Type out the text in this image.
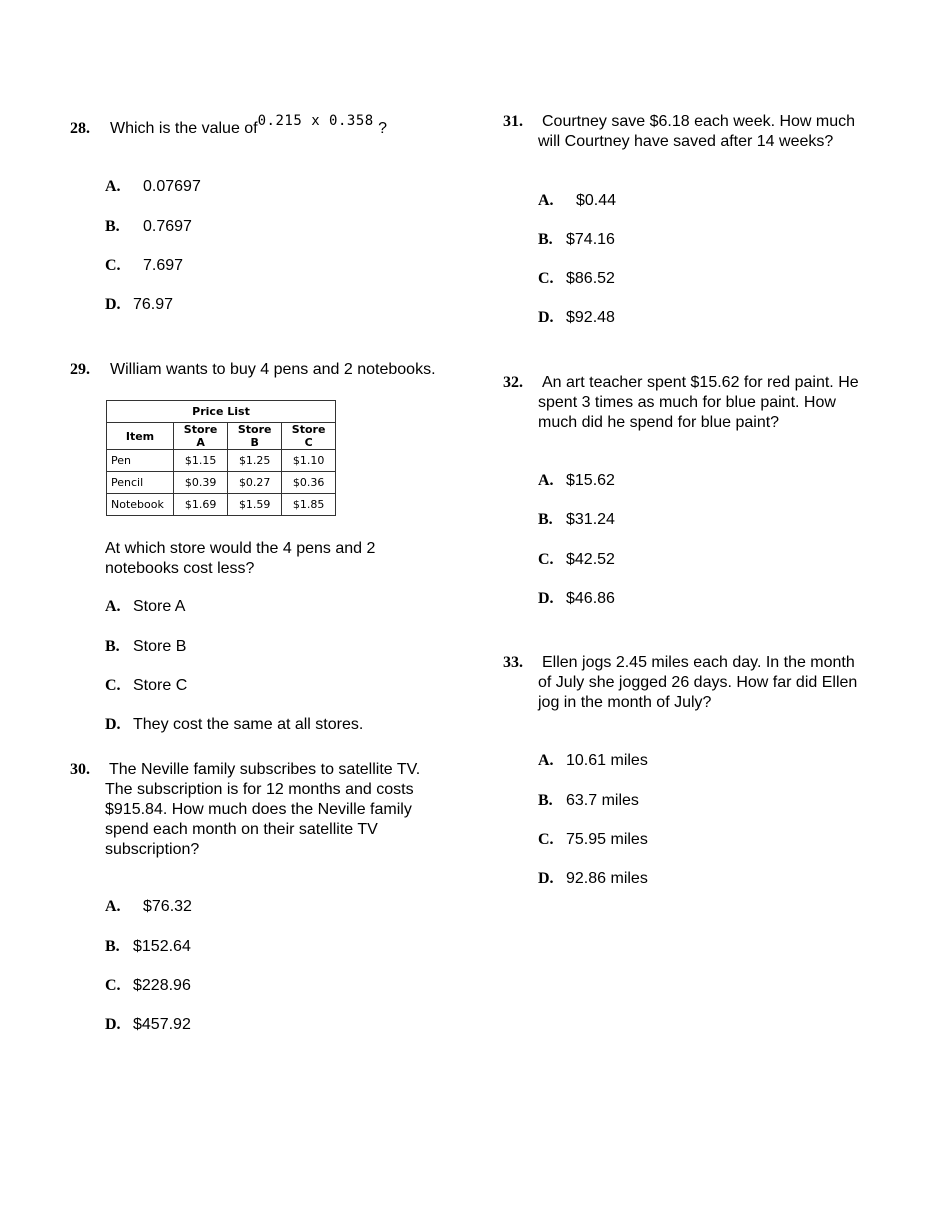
28. Which is the value of0.215 x 0.358 ?
A. 0.07697
B. 0.7697
C. 7.697
D. 76.97
29. William wants to buy 4 pens and 2 notebooks.
Price List			
Item	Store A	Store B	Store C
Pen	$1.15	$1.25	$1.10
Pencil	$0.39	$0.27	$0.36
Notebook	$1.69	$1.59	$1.85
At which store would the 4 pens and 2
notebooks cost less?
A. Store A
B. Store B
C. Store C
D. They cost the same at all stores.
30. The Neville family subscribes to satellite TV.
The subscription is for 12 months and costs
$915.84. How much does the Neville family
spend each month on their satellite TV
subscription?
A. $76.32
B. $152.64
C. $228.96
D. $457.92
31. Courtney save $6.18 each week. How much
will Courtney have saved after 14 weeks?
A. $0.44
B. $74.16
C. $86.52
D. $92.48
32. An art teacher spent $15.62 for red paint. He
spent 3 times as much for blue paint. How
much did he spend for blue paint?
A. $15.62
B. $31.24
C. $42.52
D. $46.86
33. Ellen jogs 2.45 miles each day. In the month
of July she jogged 26 days. How far did Ellen
jog in the month of July?
A. 10.61 miles
B. 63.7 miles
C. 75.95 miles
D. 92.86 miles
